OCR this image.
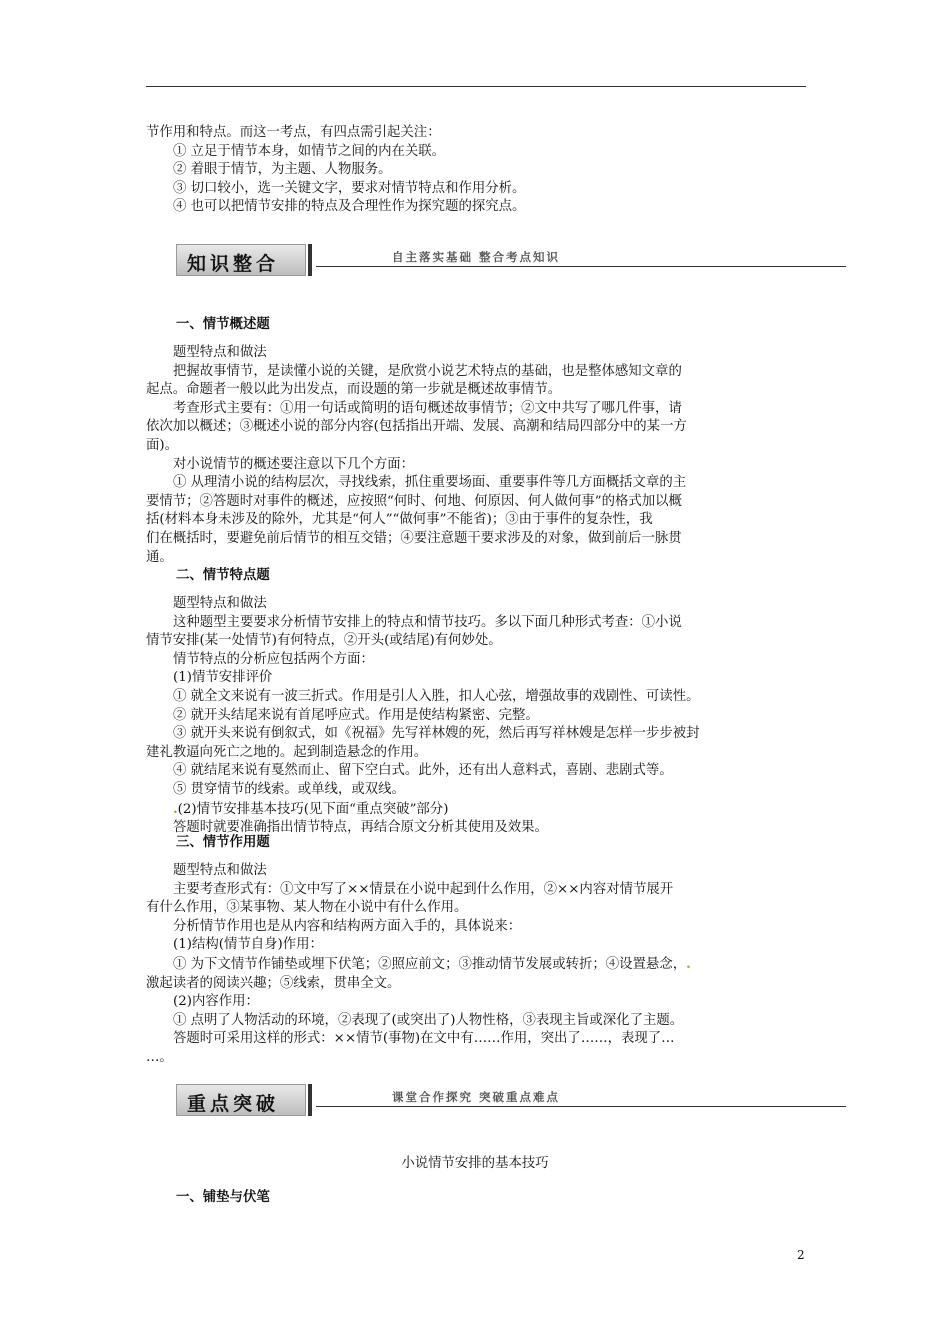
节作用和特点。而这一考点，有四点需引起关注：
① 立足于情节本身，如情节之间的内在关联。
② 着眼于情节，为主题、人物服务。
③ 切口较小，选一关键文字，要求对情节特点和作用分析。
④ 也可以把情节安排的特点及合理性作为探究题的探究点。
知识整合	自主落实基础 整合考点知识
一、情节概述题
题型特点和做法
把握故事情节，是读懂小说的关键，是欣赏小说艺术特点的基础，也是整体感知文章的
起点。命题者一般以此为出发点，而设题的第一步就是概述故事情节。
考查形式主要有：①用一句话或简明的语句概述故事情节；②文中共写了哪几件事，请
依次加以概述；③概述小说的部分内容(包括指出开端、发展、高潮和结局四部分中的某一方
面)。
对小说情节的概述要注意以下几个方面：
① 从理清小说的结构层次，寻找线索，抓住重要场面、重要事件等几方面概括文章的主
要情节；②答题时对事件的概述，应按照“何时、何地、何原因、何人做何事”的格式加以概
括(材料本身未涉及的除外，尤其是“何人”“做何事”不能省)；③由于事件的复杂性，我
们在概括时，要避免前后情节的相互交错；④要注意题干要求涉及的对象，做到前后一脉贯
通。
二、情节特点题
题型特点和做法
这种题型主要要求分析情节安排上的特点和情节技巧。多以下面几种形式考查：①小说
情节安排(某一处情节)有何特点，②开头(或结尾)有何妙处。
情节特点的分析应包括两个方面：
(1)情节安排评价
① 就全文来说有一波三折式。作用是引人入胜，扣人心弦，增强故事的戏剧性、可读性。
② 就开头结尾来说有首尾呼应式。作用是使结构紧密、完整。
③ 就开头来说有倒叙式，如《祝福》先写祥林嫂的死，然后再写祥林嫂是怎样一步步被封
建礼教逼向死亡之地的。起到制造悬念的作用。
④ 就结尾来说有戛然而止、留下空白式。此外，还有出人意料式，喜剧、悲剧式等。
⑤ 贯穿情节的线索。或单线，或双线。
.(2)情节安排基本技巧(见下面“重点突破”部分)
答题时就要准确指出情节特点，再结合原文分析其使用及效果。
三、情节作用题
题型特点和做法
主要考查形式有：①文中写了××情景在小说中起到什么作用，②××内容对情节展开
有什么作用，③某事物、某人物在小说中有什么作用。
分析情节作用也是从内容和结构两方面入手的，具体说来：
(1)结构(情节自身)作用：
① 为下文情节作铺垫或埋下伏笔；②照应前文；③推动情节发展或转折；④设置悬念，.
激起读者的阅读兴趣；⑤线索，贯串全文。
(2)内容作用：
① 点明了人物活动的环境，②表现了(或突出了)人物性格，③表现主旨或深化了主题。
答题时可采用这样的形式：××情节(事物)在文中有……作用，突出了……，表现了…
…。
重点突破	课堂合作探究 突破重点难点
小说情节安排的基本技巧
一、铺垫与伏笔
2
